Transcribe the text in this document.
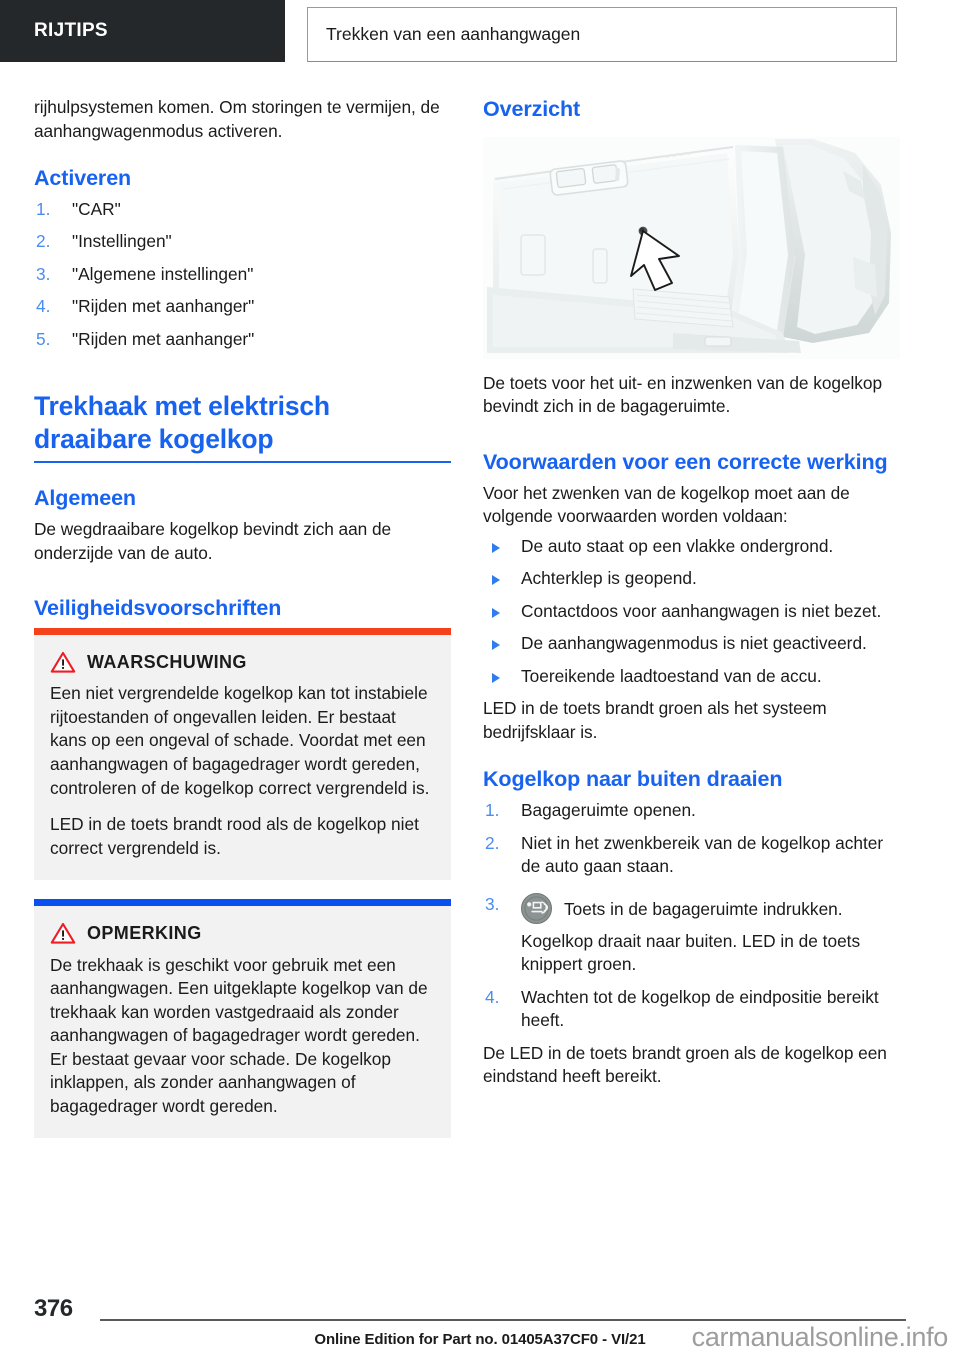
RIJTIPS	Trekken van een aanhangwagen

rijhulpsystemen komen. Om storingen te vermijen, de aanhangwagenmodus activeren.

Activeren
"CAR"
"Instellingen"
"Algemene instellingen"
"Rijden met aanhanger"
"Rijden met aanhanger"
Trekhaak met elektrisch draaibare kogelkop
Algemeen

De wegdraaibare kogelkop bevindt zich aan de onderzijde van de auto.

Veiligheidsvoorschriften
WAARSCHUWING

Een niet vergrendelde kogelkop kan tot instabiele rijtoestanden of ongevallen leiden. Er bestaat kans op een ongeval of schade. Voordat met een aanhangwagen of bagagedrager wordt gereden, controleren of de kogelkop correct vergrendeld is.

LED in de toets brandt rood als de kogelkop niet correct vergrendeld is.

OPMERKING

De trekhaak is geschikt voor gebruik met een aanhangwagen. Een uitgeklapte kogelkop van de trekhaak kan worden vastgedraaid als zonder aanhangwagen of bagagedrager wordt gereden. Er bestaat gevaar voor schade. De kogelkop inklappen, als zonder aanhangwagen of bagagedrager wordt gereden.

Overzicht

De toets voor het uit- en inzwenken van de kogelkop bevindt zich in de bagageruimte.

Voorwaarden voor een correcte werking

Voor het zwenken van de kogelkop moet aan de volgende voorwaarden worden voldaan:

De auto staat op een vlakke ondergrond.
Achterklep is geopend.
Contactdoos voor aanhangwagen is niet bezet.
De aanhangwagenmodus is niet geactiveerd.
Toereikende laadtoestand van de accu.

LED in de toets brandt groen als het systeem bedrijfsklaar is.

Kogelkop naar buiten draaien
Bagageruimte openen.
Niet in het zwenkbereik van de kogelkop achter de auto gaan staan.
Toets in de bagageruimte indrukken.
Kogelkop draait naar buiten. LED in de toets knippert groen.
Wachten tot de kogelkop de eindpositie bereikt heeft.

De LED in de toets brandt groen als de kogelkop een eindstand heeft bereikt.

376
Online Edition for Part no. 01405A37CF0 - VI/21	carmanualsonline.info
